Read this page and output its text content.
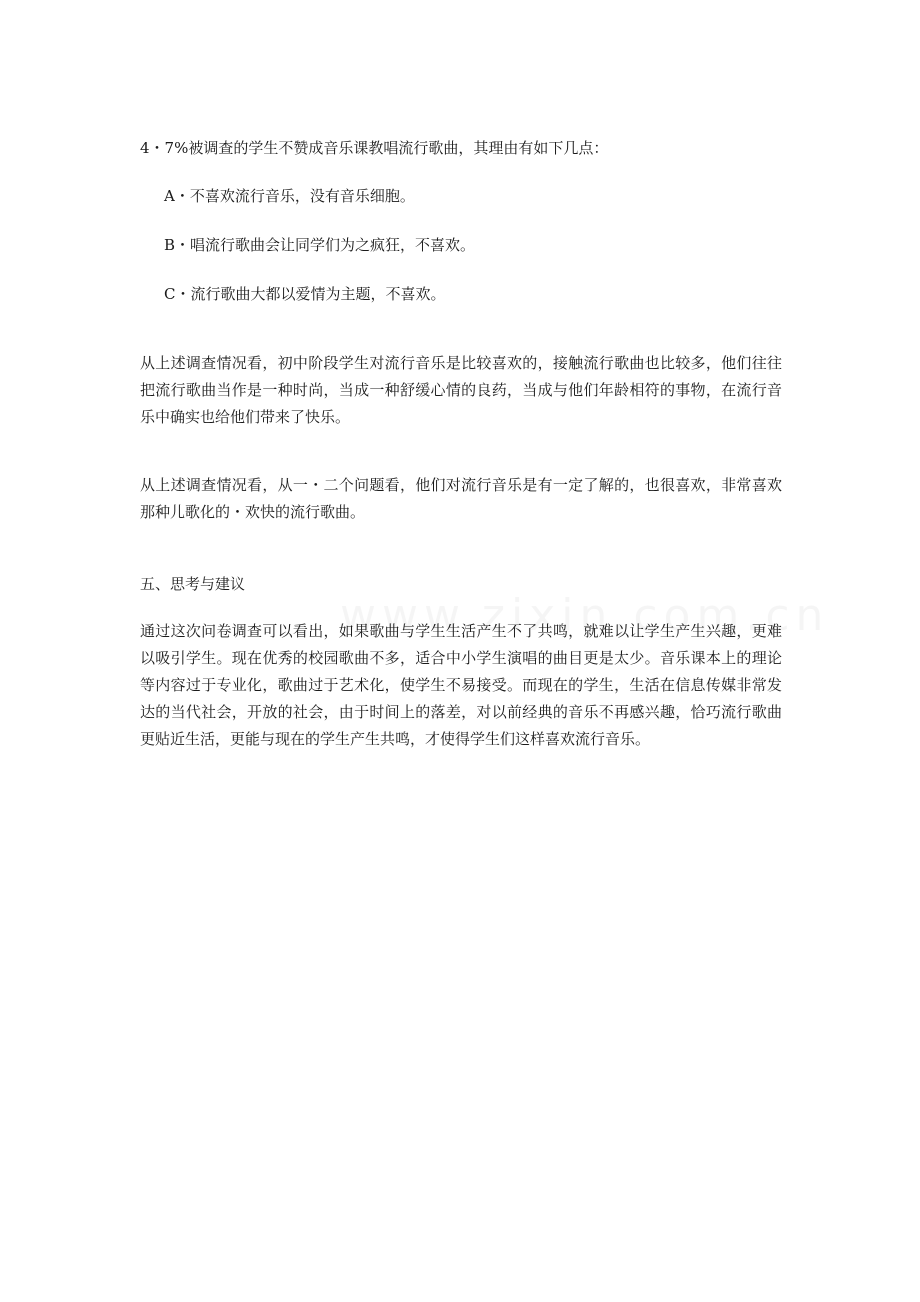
4・7%被调查的学生不赞成音乐课教唱流行歌曲，其理由有如下几点：

A・不喜欢流行音乐，没有音乐细胞。

B・唱流行歌曲会让同学们为之疯狂，不喜欢。

C・流行歌曲大都以爱情为主题，不喜欢。

从上述调查情况看，初中阶段学生对流行音乐是比较喜欢的，接触流行歌曲也比较多，他们往往把流行歌曲当作是一种时尚，当成一种舒缓心情的良药，当成与他们年龄相符的事物，在流行音乐中确实也给他们带来了快乐。

从上述调查情况看，从一・二个问题看，他们对流行音乐是有一定了解的，也很喜欢，非常喜欢那种儿歌化的・欢快的流行歌曲。

五、思考与建议

通过这次问卷调查可以看出，如果歌曲与学生生活产生不了共鸣，就难以让学生产生兴趣，更难以吸引学生。现在优秀的校园歌曲不多，适合中小学生演唱的曲目更是太少。音乐课本上的理论等内容过于专业化，歌曲过于艺术化，使学生不易接受。而现在的学生，生活在信息传媒非常发达的当代社会，开放的社会，由于时间上的落差，对以前经典的音乐不再感兴趣，恰巧流行歌曲更贴近生活，更能与现在的学生产生共鸣，才使得学生们这样喜欢流行音乐。
